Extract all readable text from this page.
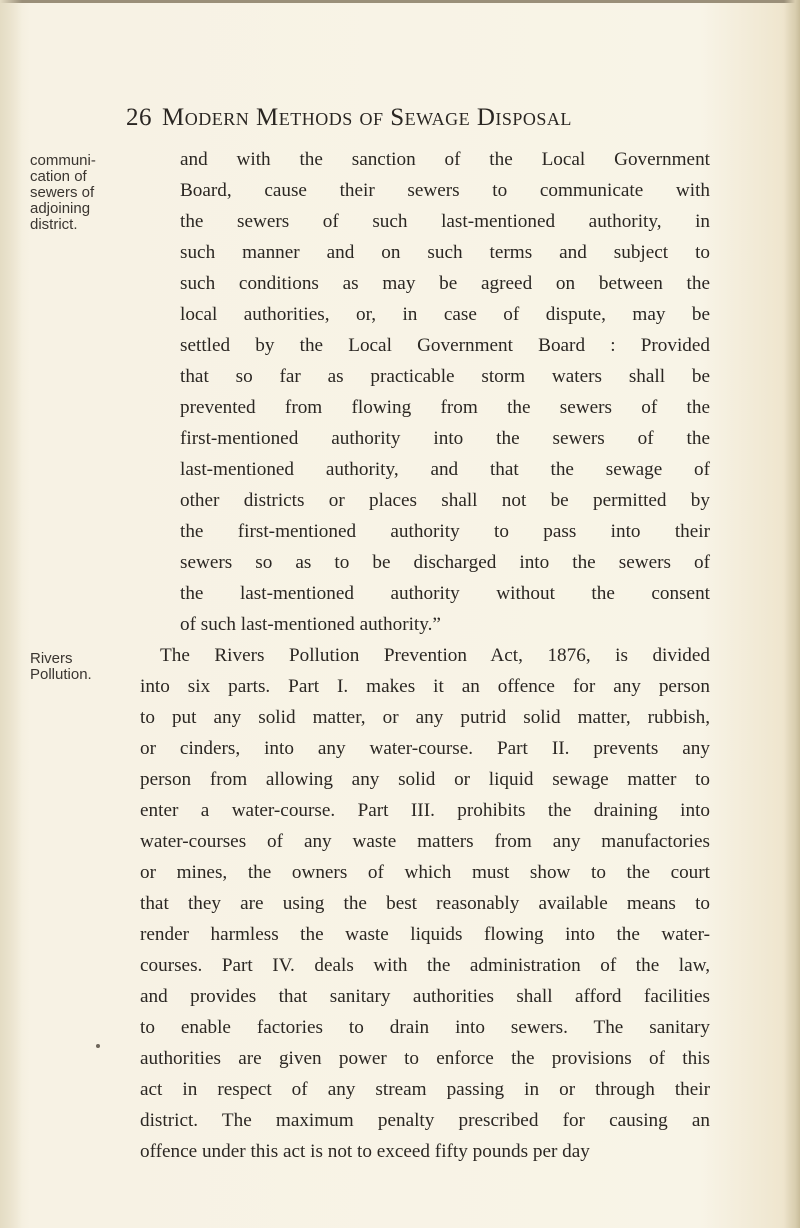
26 Modern Methods of Sewage Disposal
communi-
cation of
sewers of
adjoining
district.
Rivers
Pollution.
and with the sanction of the Local Government
Board, cause their sewers to communicate with
the sewers of such last-mentioned authority, in
such manner and on such terms and subject to
such conditions as may be agreed on between the
local authorities, or, in case of dispute, may be
settled by the Local Government Board : Provided
that so far as practicable storm waters shall be
prevented from flowing from the sewers of the
first-mentioned authority into the sewers of the
last-mentioned authority, and that the sewage of
other districts or places shall not be permitted by
the first-mentioned authority to pass into their
sewers so as to be discharged into the sewers of
the last-mentioned authority without the consent
of such last-mentioned authority.”
The Rivers Pollution Prevention Act, 1876, is divided
into six parts. Part I. makes it an offence for any person
to put any solid matter, or any putrid solid matter, rubbish,
or cinders, into any water-course. Part II. prevents any
person from allowing any solid or liquid sewage matter to
enter a water-course. Part III. prohibits the draining into
water-courses of any waste matters from any manufactories
or mines, the owners of which must show to the court
that they are using the best reasonably available means to
render harmless the waste liquids flowing into the water-
courses. Part IV. deals with the administration of the law,
and provides that sanitary authorities shall afford facilities
to enable factories to drain into sewers. The sanitary
authorities are given power to enforce the provisions of this
act in respect of any stream passing in or through their
district. The maximum penalty prescribed for causing an
offence under this act is not to exceed fifty pounds per day
